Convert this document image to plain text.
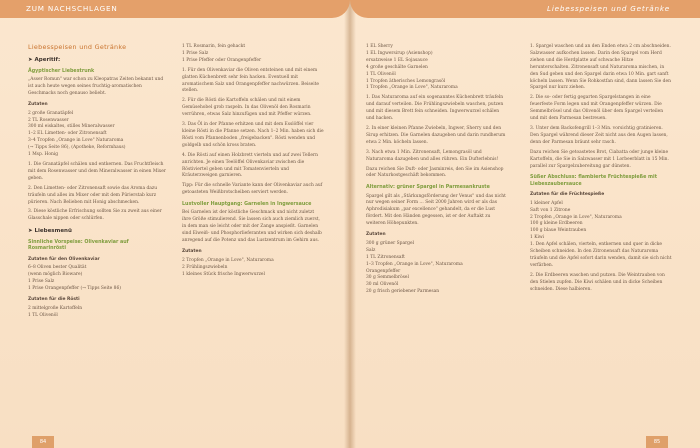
ZUM NACHSCHLAGEN	Liebesspeisen und Getränke
Liebesspeisen und Getränke
➤ Aperitif:
Ägyptischer Liebestrunk

„Asser Romun" war schon zu Kleopatras Zeiten bekannt und ist auch heute wegen seines fruchtig-aromatischen Geschmacks noch genauso beliebt.

Zutaten
2 große Granatäpfel
2 TL Rosenwasser
300 ml eiskaltes, stilles Mineralwasser
1–2 EL Limetten- oder Zitronensaft
3–4 Tropfen „Orange in Love" Naturaroma
(→ Tipps Seite 86), (Apotheke, Reformhaus)

1 Msp. Honig

1. Die Granatäpfel schälen und entkernen. Das Fruchtfleisch mit dem Rosenwasser und dem Mineralwasser in einen Mixer geben.

2. Den Limetten- oder Zitronensaft sowie das Aroma dazu träufeln und alles im Mixer oder mit dem Pürierstab kurz pürieren. Nach Belieben mit Honig abschmecken.

3. Diese köstliche Erfrischung sollten Sie zu zweit aus einer Glasschale nippen oder schlürfen.

➤ Liebesmenü
Sinnliche Vorspeise: Olivenkaviar auf Rosmarinrösti
Zutaten für den Olivenkaviar
6–8 Oliven bester Qualität
(wenn möglich Bioware)
1 Prise Salz
1 Prise Orangenpfeffer (→ Tipps Seite 86)
Zutaten für die Rösti
2 mittelgroße Kartoffeln
1 TL Olivenöl
1 TL Rosmarin, fein gehackt
1 Prise Salz

1 Prise Pfeffer oder Orangenpfeffer

1. Für den Olivenkaviar die Oliven entsteinen und mit einem glatten Küchenbrett sehr fein hacken. Eventuell mit aromatischem Salz und Orangenpfeffer nachwürzen. Beiseite stellen.

2. Für die Rösti die Kartoffeln schälen und mit einem Gemüsehobel grob raspeln. In das Olivenöl den Rosmarin verrühren, etwas Salz hinzufügen und mit Pfeffer würzen.

3. Das Öl in der Pfanne erhitzen und mit dem Esslöffel vier kleine Rösti in die Pfanne setzen. Nach 1–2 Min. haben sich die Rösti vom Pfannenboden „freigebacken". Rösti wenden und goldgelb und schön kross braten.

4. Die Rösti auf einen Holzbrett vierteln und auf zwei Tellern anrichten. Je einen Teelöffel Olivenkaviar zwischen die Röstiviertel geben und mit Tomatenvierteln und Kräuterzweigen garnieren.

Tipp: Für die schnelle Variante kann der Olivenkaviar auch auf getoasteten Weißbrotscheiben serviert werden.

Lustvoller Hauptgang: Garnelen in Ingwersauce

Bei Garnelen ist der köstliche Geschmack und nicht zuletzt ihre Größe stimulierend. Sie lassen sich auch ziemlich zuerst, in dem man sie leicht oder mit der Zange anspießt. Garnelen sind Eiweiß- und Phosphorlieferanten und wirken sich deshalb anregend auf die Potenz und das Lustzentrum im Gehirn aus.

Zutaten
2 Tropfen „Orange in Love", Naturaroma
2 Frühlingszwiebeln
1 kleines Stück frische Ingwerwurzel
1 EL Sherry
1 EL Ingwersirup (Asienshop)
ersatzweise 1 EL Sojasauce
4 große geschälte Garnelen
1 TL Olivenöl
1 Tropfen ätherisches Lemongrasöl

1 Tropfen „Orange in Love", Naturaroma

1. Das Naturaroma auf ein sogenanntes Küchenbrett träufeln und darauf verteilen. Die Frühlingszwiebeln waschen, putzen und mit diesem Brett fein schneiden. Ingwerwurzel schälen und hacken.

2. In einer kleinen Pfanne Zwiebeln, Ingwer, Sherry und den Sirup erhitzen. Die Garnelen dazugeben und darin rundherum etwa 2 Min. köcheln lassen.

3. Nach etwa 1 Min. Zitronensaft, Lemongrasöl und Naturaroma dazugeben und alles rühren. Ein Dufterlebnis!

Dazu reichen Sie Duft- oder Jasminreis, den Sie im Asienshop oder Naturkostgeschäft bekommen.

Alternativ: grüner Spargel in Parmesankruste

Spargel gilt als „Stärkungsförderung der Venus" und das nicht nur wegen seiner Form … Seit 2000 Jahren wird er als das Aphrodisiakum „par excellence" gehandelt, da er die Lust fördert. Mit den Händen gegessen, ist er der Auftakt zu weiteren Höhepunkten.

Zutaten
300 g grüner Spargel
Salz
1 TL Zitronensaft
1–3 Tropfen „Orange in Love", Naturaroma
Orangenpfeffer
30 g Semmelbrösel
30 ml Olivenöl
20 g frisch geriebener Parmesan

1. Spargel waschen und an den Enden etwa 2 cm abschneiden. Salzwasser aufkochen lassen. Darin den Spargel vom Herd ziehen und die Herdplatte auf schwache Hitze herunterschalten. Zitronensaft und Naturaroma mischen, in den Sud geben und den Spargel darin etwa 10 Min. gart sanft köcheln lassen. Wenn Sie Rohkostfan sind, dann lassen Sie den Spargel nur kurz ziehen.

2. Die so- oder fertig gegarten Spargelstangen in eine feuerfeste Form legen und mit Orangenpfeffer würzen. Die Semmelbrösel und das Olivenöl über dem Spargel verteilen und mit dem Parmesan bestreuen.

3. Unter dem Backofengrill 1–3 Min. vorsichtig gratinieren. Den Spargel während dieser Zeit nicht aus den Augen lassen, denn der Parmesan bräunt sehr rasch.

Dazu reichen Sie getoastetes Brot, Ciabatta oder junge kleine Kartoffeln, die Sie in Salzwasser mit 1 Lorbeerblatt in 15 Min. parallel zur Spargelzubereitung gar dünsten.

Süßer Abschluss: flambierte Früchtespieße mit Liebeszaubersauce
Zutaten für die Früchtespieße
1 kleiner Apfel
Saft von 1 Zitrone
2 Tropfen „Orange in Love", Naturaroma
100 g kleine Erdbeeren
100 g blaue Weintrauben
1 Kiwi

1. Den Apfel schälen, vierteln, entkernen und quer in dicke Scheiben schneiden. In den Zitronensaft das Naturaroma träufeln und die Apfel sofort darin wenden, damit sie sich nicht verfärben.

2. Die Erdbeeren waschen und putzen. Die Weintrauben von den Stielen zupfen. Die Kiwi schälen und in dicke Scheiben schneiden. Diese halbieren.

84	85
